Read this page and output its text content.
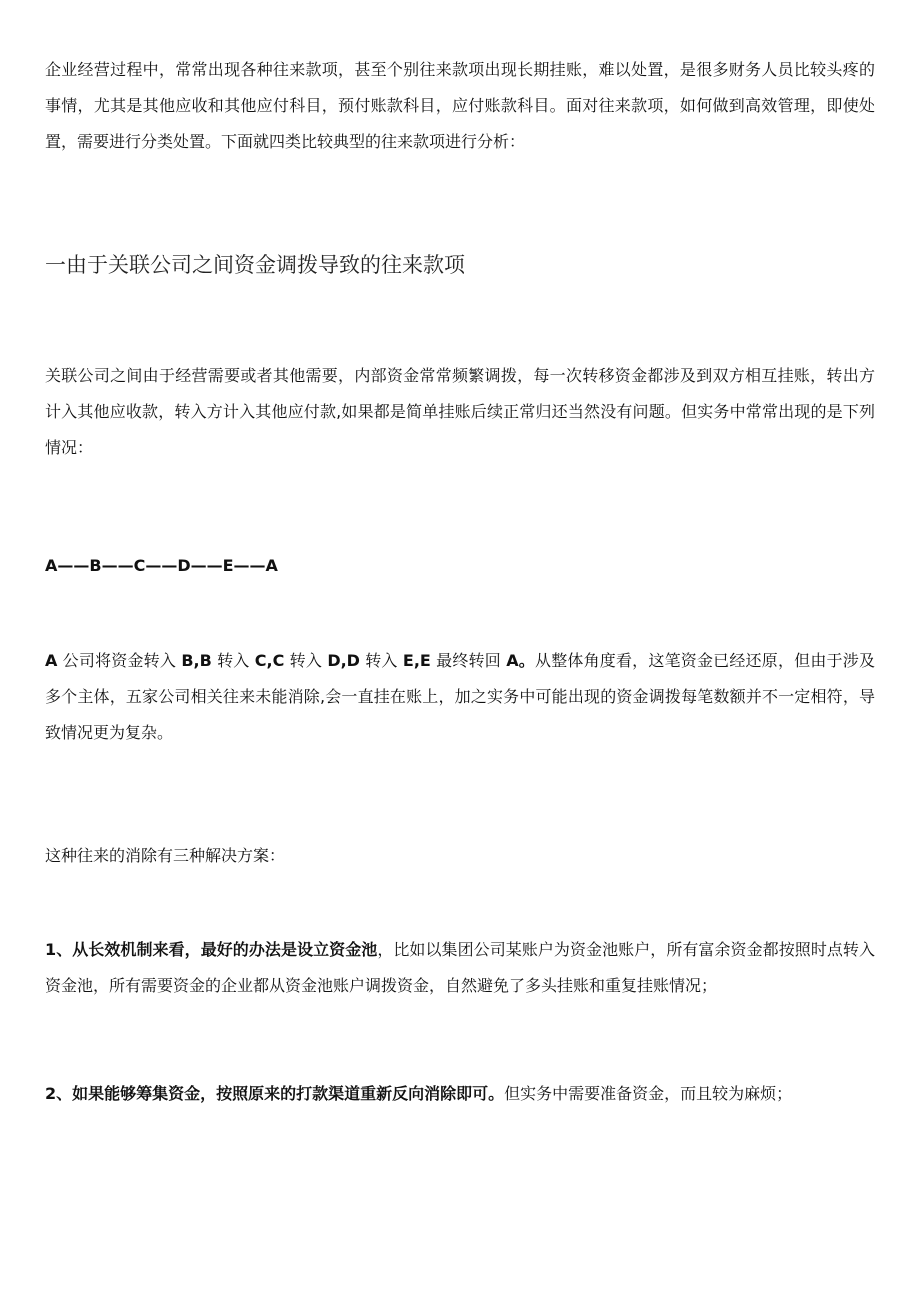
企业经营过程中，常常出现各种往来款项，甚至个别往来款项出现长期挂账，难以处置，是很多财务人员比较头疼的事情，尤其是其他应收和其他应付科目，预付账款科目，应付账款科目。面对往来款项，如何做到高效管理，即使处置，需要进行分类处置。下面就四类比较典型的往来款项进行分析：

一由于关联公司之间资金调拨导致的往来款项

关联公司之间由于经营需要或者其他需要，内部资金常常频繁调拨，每一次转移资金都涉及到双方相互挂账，转出方计入其他应收款，转入方计入其他应付款,如果都是简单挂账后续正常归还当然没有问题。但实务中常常出现的是下列情况：

A——B——C——D——E——A

A 公司将资金转入 B,B 转入 C,C 转入 D,D 转入 E,E 最终转回 A。从整体角度看，这笔资金已经还原，但由于涉及多个主体，五家公司相关往来未能消除,会一直挂在账上，加之实务中可能出现的资金调拨每笔数额并不一定相符，导致情况更为复杂。

这种往来的消除有三种解决方案：

1、从长效机制来看，最好的办法是设立资金池，比如以集团公司某账户为资金池账户，所有富余资金都按照时点转入资金池，所有需要资金的企业都从资金池账户调拨资金，自然避免了多头挂账和重复挂账情况；

2、如果能够筹集资金，按照原来的打款渠道重新反向消除即可。但实务中需要准备资金，而且较为麻烦；
